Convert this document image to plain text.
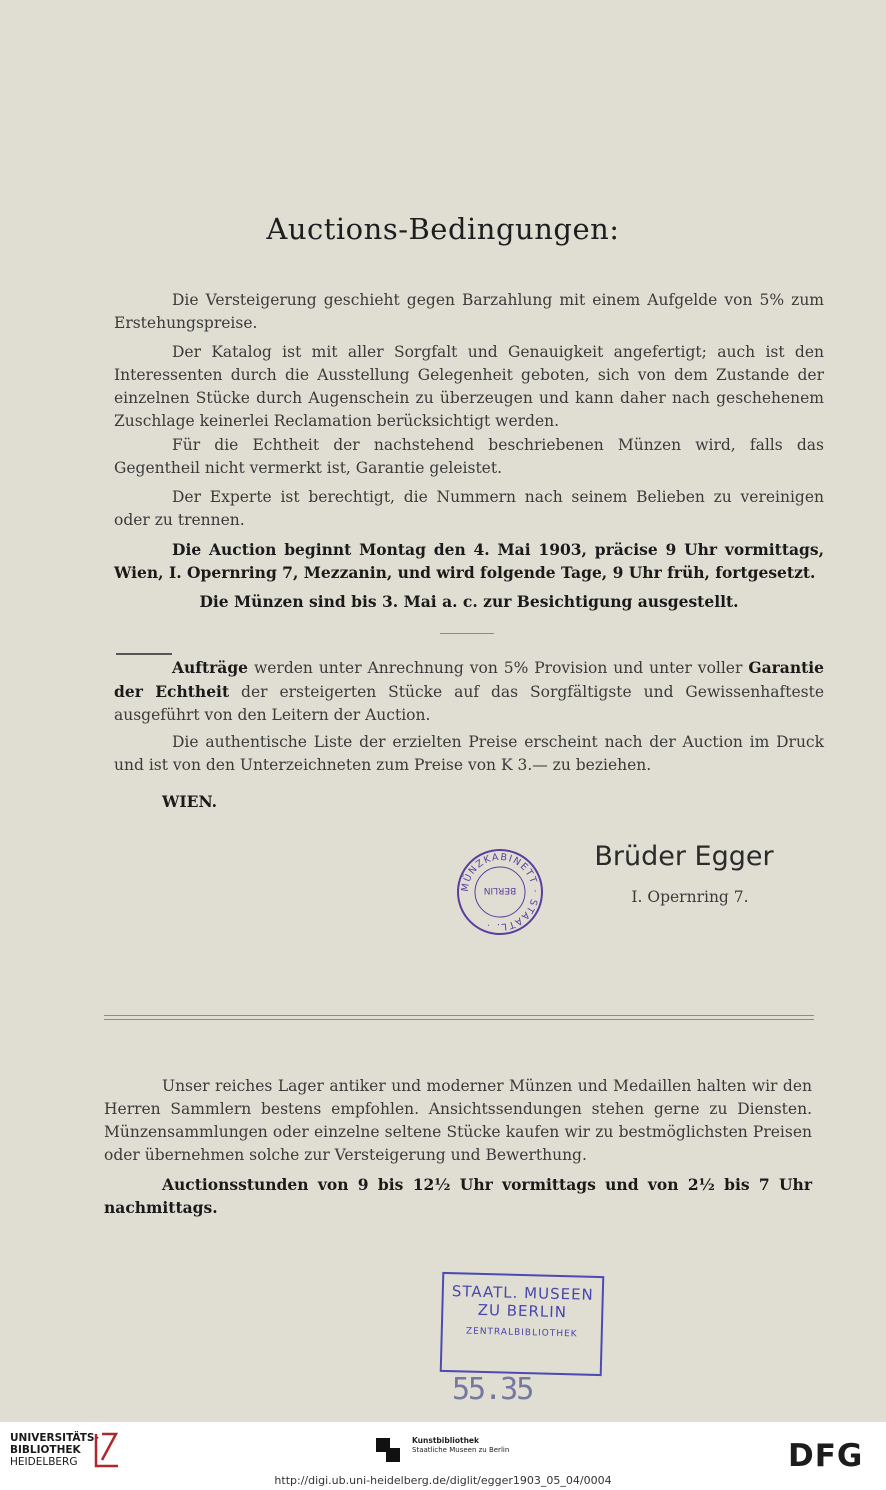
Auctions-Bedingungen:
Die Versteigerung geschieht gegen Barzahlung mit einem Aufgelde von 5% zum Erstehungspreise.
Der Katalog ist mit aller Sorgfalt und Genauigkeit angefertigt; auch ist den Interessenten durch die Ausstellung Gelegenheit geboten, sich von dem Zustande der einzelnen Stücke durch Augenschein zu überzeugen und kann daher nach geschehenem Zuschlage keinerlei Reclamation berücksichtigt werden.
Für die Echtheit der nachstehend beschriebenen Münzen wird, falls das Gegentheil nicht vermerkt ist, Garantie geleistet.
Der Experte ist berechtigt, die Nummern nach seinem Belieben zu vereinigen oder zu trennen.
Die Auction beginnt Montag den 4. Mai 1903, präcise 9 Uhr vormittags, Wien, I. Opernring 7, Mezzanin, und wird folgende Tage, 9 Uhr früh, fortgesetzt.
Die Münzen sind bis 3. Mai a. c. zur Besichtigung ausgestellt.
Aufträge werden unter Anrechnung von 5% Provision und unter voller Garantie der Echtheit der ersteigerten Stücke auf das Sorgfältigste und Gewissenhafteste ausgeführt von den Leitern der Auction.
Die authentische Liste der erzielten Preise erscheint nach der Auction im Druck und ist von den Unterzeichneten zum Preise von K 3.— zu beziehen.
WIEN.
MÜNZKABINETT · STAATL. ·
BERLIN
Brüder Egger
I. Opernring 7.
Unser reiches Lager antiker und moderner Münzen und Medaillen halten wir den Herren Sammlern bestens empfohlen. Ansichtssendungen stehen gerne zu Diensten. Münzensammlungen oder einzelne seltene Stücke kaufen wir zu bestmöglichsten Preisen oder übernehmen solche zur Versteigerung und Bewerthung.
Auctionsstunden von 9 bis 12½ Uhr vormittags und von 2½ bis 7 Uhr nachmittags.
STAATL. MUSEEN
ZU BERLIN
ZENTRALBIBLIOTHEK
55.35
UNIVERSITÄTS-
BIBLIOTHEK
HEIDELBERG
Kunstbibliothek
Staatliche Museen zu Berlin	DFG
http://digi.ub.uni-heidelberg.de/diglit/egger1903_05_04/0004
